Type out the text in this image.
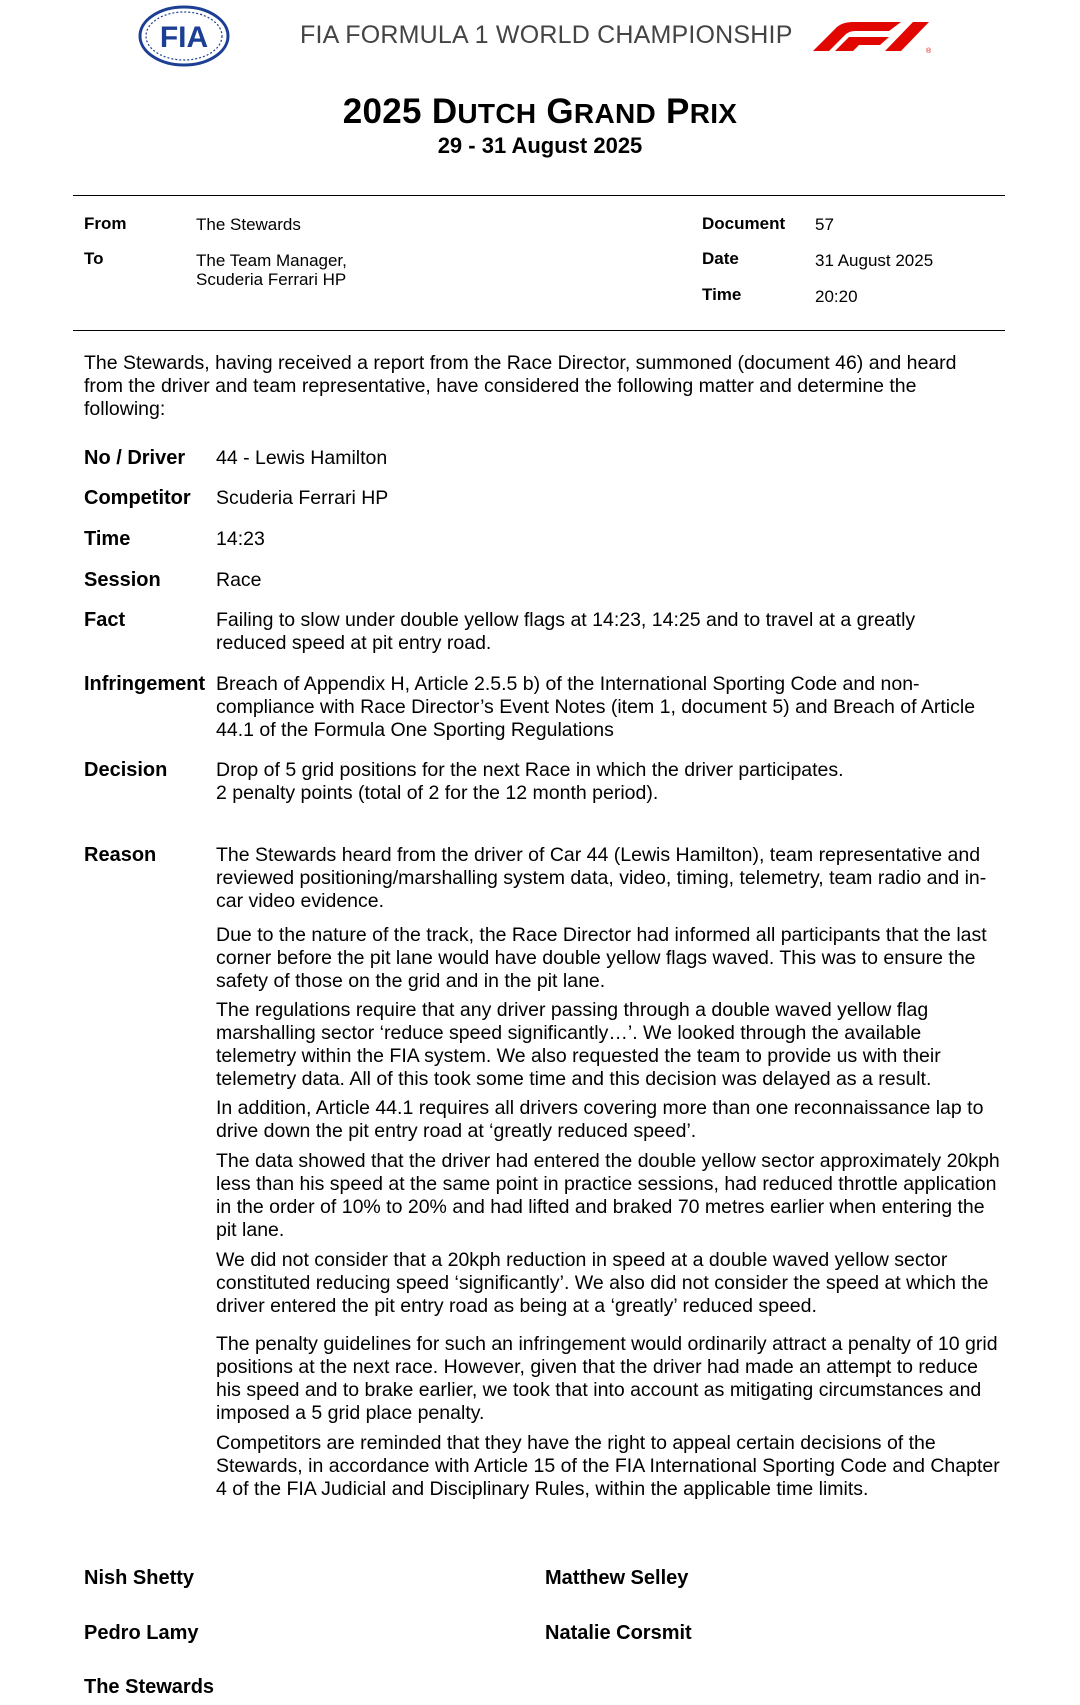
FIA	FIA FORMULA 1 WORLD CHAMPIONSHIP
®
2025 DUTCH GRAND PRIX
29 - 31 August 2025
From	The Stewards
To	The Team Manager,
Scuderia Ferrari HP
Document 57
Date	31 August 2025
Time	20:20
The Stewards, having received a report from the Race Director, summoned (document 46) and heard from the driver and team representative, have considered the following matter and determine the following:
No / Driver 44 - Lewis Hamilton
Competitor Scuderia Ferrari HP
Time	14:23
Session	Race
Fact	Failing to slow under double yellow flags at 14:23, 14:25 and to travel at a greatly reduced speed at pit entry road.
Infringement Breach of Appendix H, Article 2.5.5 b) of the International Sporting Code and non-compliance with Race Director’s Event Notes (item 1, document 5) and Breach of Article 44.1 of the Formula One Sporting Regulations
Decision Drop of 5 grid positions for the next Race in which the driver participates.
2 penalty points (total of 2 for the 12 month period).
Reason	The Stewards heard from the driver of Car 44 (Lewis Hamilton), team representative and reviewed positioning/marshalling system data, video, timing, telemetry, team radio and in-car video evidence.
Due to the nature of the track, the Race Director had informed all participants that the last corner before the pit lane would have double yellow flags waved. This was to ensure the safety of those on the grid and in the pit lane.
The regulations require that any driver passing through a double waved yellow flag marshalling sector ‘reduce speed significantly…’. We looked through the available telemetry within the FIA system. We also requested the team to provide us with their telemetry data. All of this took some time and this decision was delayed as a result.
In addition, Article 44.1 requires all drivers covering more than one reconnaissance lap to drive down the pit entry road at ‘greatly reduced speed’.
The data showed that the driver had entered the double yellow sector approximately 20kph less than his speed at the same point in practice sessions, had reduced throttle application in the order of 10% to 20% and had lifted and braked 70 metres earlier when entering the pit lane.
We did not consider that a 20kph reduction in speed at a double waved yellow sector constituted reducing speed ‘significantly’. We also did not consider the speed at which the driver entered the pit entry road as being at a ‘greatly’ reduced speed.
The penalty guidelines for such an infringement would ordinarily attract a penalty of 10 grid positions at the next race. However, given that the driver had made an attempt to reduce his speed and to brake earlier, we took that into account as mitigating circumstances and imposed a 5 grid place penalty.
Competitors are reminded that they have the right to appeal certain decisions of the Stewards, in accordance with Article 15 of the FIA International Sporting Code and Chapter 4 of the FIA Judicial and Disciplinary Rules, within the applicable time limits.
Nish Shetty	Matthew Selley
Pedro Lamy	Natalie Corsmit
The Stewards
